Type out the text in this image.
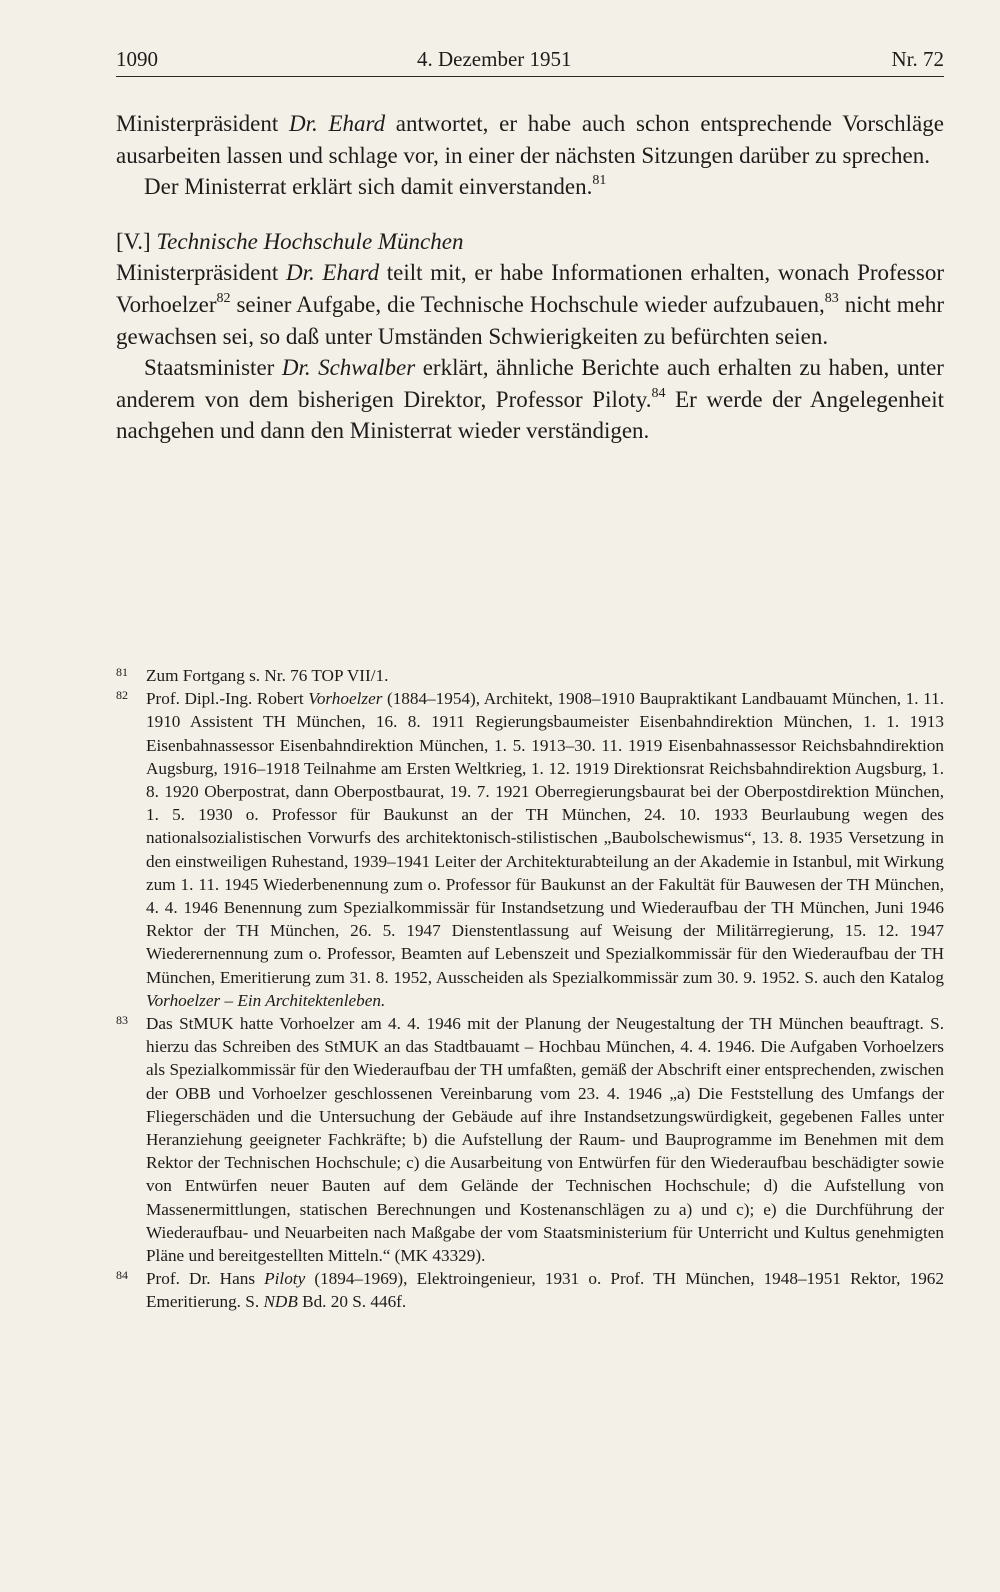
1090	4. Dezember 1951	Nr. 72

Ministerpräsident Dr. Ehard antwortet, er habe auch schon entsprechende Vorschläge ausarbeiten lassen und schlage vor, in einer der nächsten Sitzungen darüber zu sprechen.

Der Ministerrat erklärt sich damit einverstanden.$^{81}$

[V.] Technische Hochschule München

Ministerpräsident Dr. Ehard teilt mit, er habe Informationen erhalten, wonach Professor Vorhoelzer$^{82}$ seiner Aufgabe, die Technische Hochschule wieder aufzubauen,$^{83}$ nicht mehr gewachsen sei, so daß unter Umständen Schwierigkeiten zu befürchten seien.

Staatsminister Dr. Schwalber erklärt, ähnliche Berichte auch erhalten zu haben, unter anderem von dem bisherigen Direktor, Professor Piloty.$^{84}$ Er werde der Angelegenheit nachgehen und dann den Ministerrat wieder verständigen.

81 Zum Fortgang s. Nr. 76 TOP VII/1.

82 Prof. Dipl.-Ing. Robert Vorhoelzer (1884–1954), Architekt, 1908–1910 Baupraktikant Landbauamt München, 1. 11. 1910 Assistent TH München, 16. 8. 1911 Regierungsbaumeister Eisenbahndirektion München, 1. 1. 1913 Eisenbahnassessor Eisenbahndirektion München, 1. 5. 1913–30. 11. 1919 Eisenbahnassessor Reichsbahndirektion Augsburg, 1916–1918 Teilnahme am Ersten Weltkrieg, 1. 12. 1919 Direktionsrat Reichsbahndirektion Augsburg, 1. 8. 1920 Oberpostrat, dann Oberpostbaurat, 19. 7. 1921 Oberregierungsbaurat bei der Oberpostdirektion München, 1. 5. 1930 o. Professor für Baukunst an der TH München, 24. 10. 1933 Beurlaubung wegen des nationalsozialistischen Vorwurfs des architektonisch-stilistischen „Baubolschewismus“, 13. 8. 1935 Versetzung in den einstweiligen Ruhestand, 1939–1941 Leiter der Architekturabteilung an der Akademie in Istanbul, mit Wirkung zum 1. 11. 1945 Wiederbenennung zum o. Professor für Baukunst an der Fakultät für Bauwesen der TH München, 4. 4. 1946 Benennung zum Spezialkommissär für Instandsetzung und Wiederaufbau der TH München, Juni 1946 Rektor der TH München, 26. 5. 1947 Dienstentlassung auf Weisung der Militärregierung, 15. 12. 1947 Wiederernennung zum o. Professor, Beamten auf Lebenszeit und Spezialkommissär für den Wiederaufbau der TH München, Emeritierung zum 31. 8. 1952, Ausscheiden als Spezialkommissär zum 30. 9. 1952. S. auch den Katalog Vorhoelzer – Ein Architektenleben.

83 Das StMUK hatte Vorhoelzer am 4. 4. 1946 mit der Planung der Neugestaltung der TH München beauftragt. S. hierzu das Schreiben des StMUK an das Stadtbauamt – Hochbau München, 4. 4. 1946. Die Aufgaben Vorhoelzers als Spezialkommissär für den Wiederaufbau der TH umfaßten, gemäß der Abschrift einer entsprechenden, zwischen der OBB und Vorhoelzer geschlossenen Vereinbarung vom 23. 4. 1946 „a) Die Feststellung des Umfangs der Fliegerschäden und die Untersuchung der Gebäude auf ihre Instandsetzungswürdigkeit, gegebenen Falles unter Heranziehung geeigneter Fachkräfte; b) die Aufstellung der Raum- und Bauprogramme im Benehmen mit dem Rektor der Technischen Hochschule; c) die Ausarbeitung von Entwürfen für den Wiederaufbau beschädigter sowie von Entwürfen neuer Bauten auf dem Gelände der Technischen Hochschule; d) die Aufstellung von Massenermittlungen, statischen Berechnungen und Kostenanschlägen zu a) und c); e) die Durchführung der Wiederaufbau- und Neuarbeiten nach Maßgabe der vom Staatsministerium für Unterricht und Kultus genehmigten Pläne und bereitgestellten Mitteln.“ (MK 43329).

84 Prof. Dr. Hans Piloty (1894–1969), Elektroingenieur, 1931 o. Prof. TH München, 1948–1951 Rektor, 1962 Emeritierung. S. NDB Bd. 20 S. 446f.
